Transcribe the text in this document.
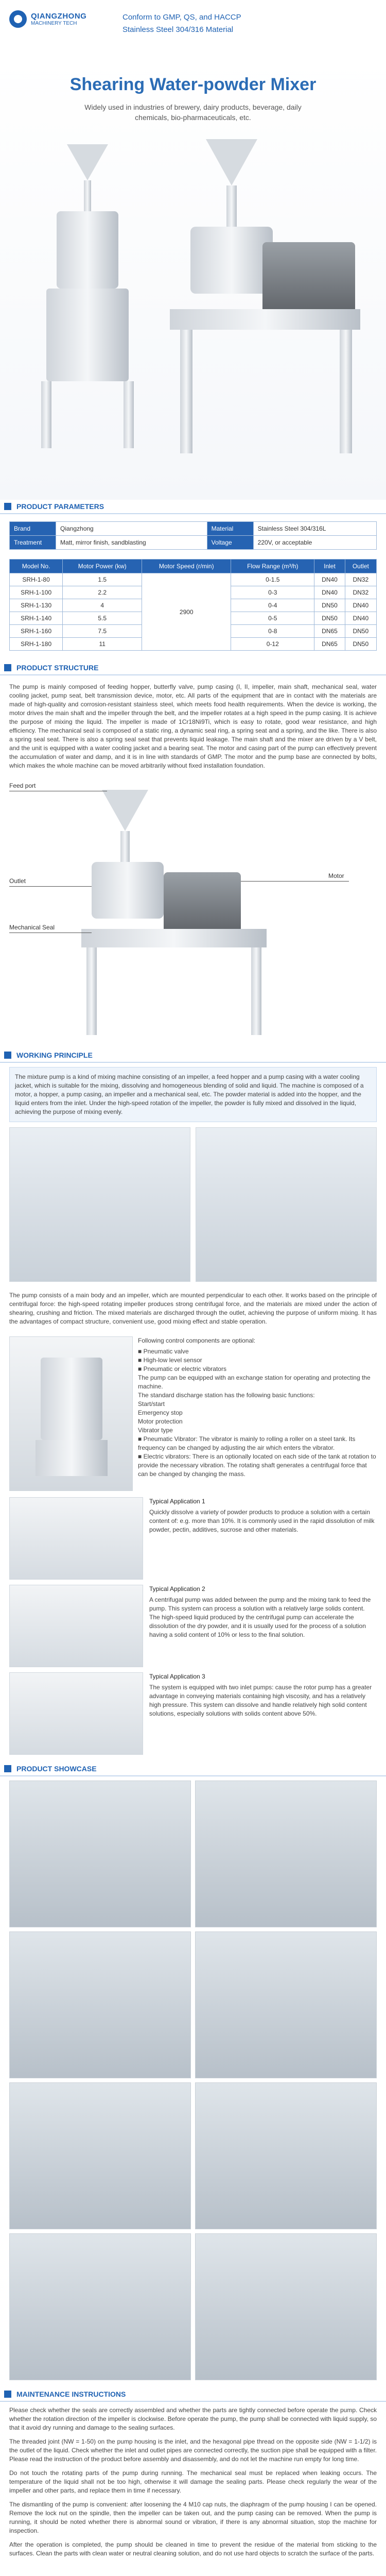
QIANGZHONG
MACHINERY TECH
Conform to GMP, QS, and HACCP
Stainless Steel 304/316 Material
Shearing Water-powder Mixer
Widely used in industries of brewery, dairy products, beverage, daily
chemicals, bio-pharmaceuticals, etc.
PRODUCT PARAMETERS
Brand	Qiangzhong	Material	Stainless Steel 304/316L
Treatment	Matt, mirror finish, sandblasting	Voltage	220V, or acceptable
Model No.	Motor Power (kw)	Motor Speed (r/min)	Flow Range (m³/h)	Inlet	Outlet
SRH-1-80	1.5	2900	0-1.5	DN40	DN32
SRH-1-100	2.2		0-3	DN40	DN32
SRH-1-130	4		0-4	DN50	DN40
SRH-1-140	5.5		0-5	DN50	DN40
SRH-1-160	7.5		0-8	DN65	DN50
SRH-1-180	11		0-12	DN65	DN50
PRODUCT STRUCTURE
The pump is mainly composed of feeding hopper, butterfly valve, pump casing (I, II, impeller, main shaft, mechanical seal, water cooling jacket, pump seat, belt transmission device, motor, etc. All parts of the equipment that are in contact with the materials are made of high-quality and corrosion-resistant stainless steel, which meets food health requirements. When the device is working, the motor drives the main shaft and the impeller through the belt, and the impeller rotates at a high speed in the pump casing. It is achieve the purpose of mixing the liquid. The impeller is made of 1Cr18Ni9Ti, which is easy to rotate, good wear resistance, and high efficiency. The mechanical seal is composed of a static ring, a dynamic seal ring, a spring seat and a spring, and the like. There is also a spring seal seat. There is also a spring seal seat that prevents liquid leakage. The main shaft and the mixer are driven by a V belt, and the unit is equipped with a water cooling jacket and a bearing seat. The motor and casing part of the pump can effectively prevent the accumulation of water and damp, and it is in line with standards of GMP. The motor and the pump base are connected by bolts, which makes the whole machine can be moved arbitrarily without fixed installation foundation.
Feed port
Motor
Outlet
Mechanical Seal
WORKING PRINCIPLE
The mixture pump is a kind of mixing machine consisting of an impeller, a feed hopper and a pump casing with a water cooling jacket, which is suitable for the mixing, dissolving and homogeneous blending of solid and liquid. The machine is composed of a motor, a hopper, a pump casing, an impeller and a mechanical seal, etc. The powder material is added into the hopper, and the liquid enters from the inlet. Under the high-speed rotation of the impeller, the powder is fully mixed and dissolved in the liquid, achieving the purpose of mixing evenly.
The pump consists of a main body and an impeller, which are mounted perpendicular to each other. It works based on the principle of centrifugal force: the high-speed rotating impeller produces strong centrifugal force, and the materials are mixed under the action of shearing, crushing and friction. The mixed materials are discharged through the outlet, achieving the purpose of uniform mixing. It has the advantages of compact structure, convenient use, good mixing effect and stable operation.
Following control components are optional:
■ Pneumatic valve
■ High-low level sensor
■ Pneumatic or electric vibrators
The pump can be equipped with an exchange station for operating and protecting the machine.
The standard discharge station has the following basic functions:
Start/start
Emergency stop
Motor protection
Vibrator type
■ Pneumatic Vibrator: The vibrator is mainly to rolling a roller on a steel tank. Its frequency can be changed by adjusting the air which enters the vibrator.
■ Electric vibrators: There is an optionally located on each side of the tank at rotation to provide the necessary vibration. The rotating shaft generates a centrifugal force that can be changed by changing the mass.
Typical Application 1
Quickly dissolve a variety of powder products to produce a solution with a certain content of: e.g. more than 10%. It is commonly used in the rapid dissolution of milk powder, pectin, additives, sucrose and other materials.
Typical Application 2
A centrifugal pump was added between the pump and the mixing tank to feed the pump. This system can process a solution with a relatively large solids content. The high-speed liquid produced by the centrifugal pump can accelerate the dissolution of the dry powder, and it is usually used for the process of a solution having a solid content of 10% or less to the final solution.
Typical Application 3
The system is equipped with two inlet pumps: cause the rotor pump has a greater advantage in conveying materials containing high viscosity, and has a relatively high pressure. This system can dissolve and handle relatively high solid content solutions, especially solutions with solids content above 50%.
PRODUCT SHOWCASE
MAINTENANCE INSTRUCTIONS

Please check whether the seals are correctly assembled and whether the parts are tightly connected before operate the pump. Check whether the rotation direction of the impeller is clockwise. Before operate the pump, the pump shall be connected with liquid supply, so that it avoid dry running and damage to the sealing surfaces.

The threaded joint (NW = 1-50) on the pump housing is the inlet, and the hexagonal pipe thread on the opposite side (NW = 1-1/2) is the outlet of the liquid. Check whether the inlet and outlet pipes are connected correctly, the suction pipe shall be equipped with a filter. Please read the instruction of the product before assembly and disassembly, and do not let the machine run empty for long time.

Do not touch the rotating parts of the pump during running. The mechanical seal must be replaced when leaking occurs. The temperature of the liquid shall not be too high, otherwise it will damage the sealing parts. Please check regularly the wear of the impeller and other parts, and replace them in time if necessary.

The dismantling of the pump is convenient: after loosening the 4 M10 cap nuts, the diaphragm of the pump housing I can be opened. Remove the lock nut on the spindle, then the impeller can be taken out, and the pump casing can be removed. When the pump is running, it should be noted whether there is abnormal sound or vibration, if there is any abnormal situation, stop the machine for inspection.

After the operation is completed, the pump should be cleaned in time to prevent the residue of the material from sticking to the surfaces. Clean the parts with clean water or neutral cleaning solution, and do not use hard objects to scratch the surface of the parts.
